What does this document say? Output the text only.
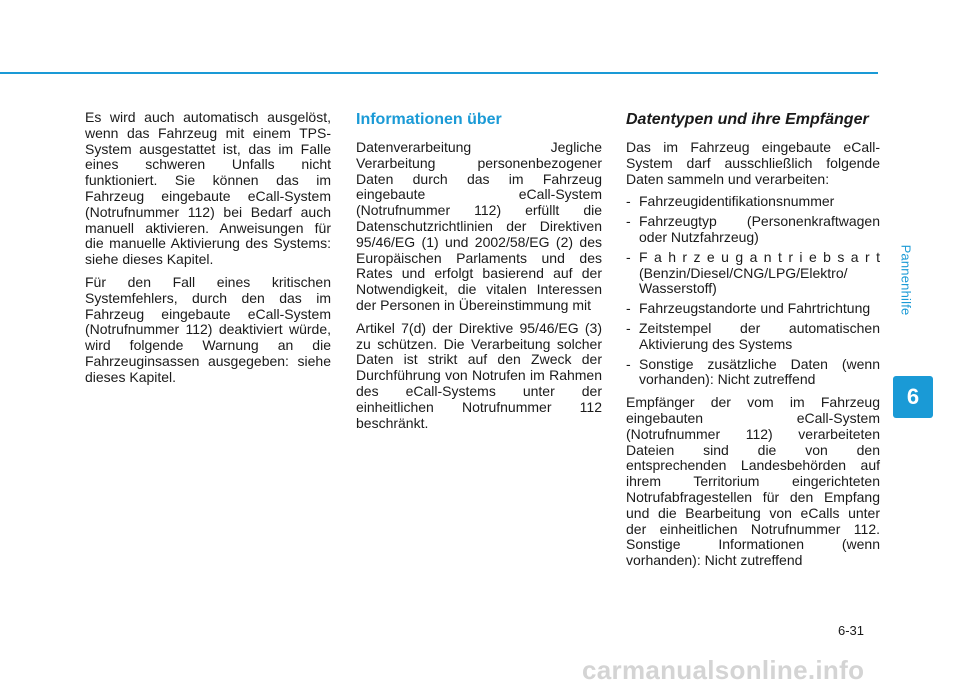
Pannenhilfe
6

Es wird auch automatisch ausgelöst, wenn das Fahrzeug mit einem TPS-System ausgestattet ist, das im Falle eines schweren Unfalls nicht funktioniert. Sie können das im Fahrzeug eingebaute eCall-System (Notrufnummer 112) bei Bedarf auch manuell aktivieren. Anweisungen für die manuelle Aktivierung des Systems: siehe dieses Kapitel.

Für den Fall eines kritischen Systemfehlers, durch den das im Fahrzeug eingebaute eCall-System (Notrufnummer 112) deaktiviert würde, wird folgende Warnung an die Fahrzeuginsassen ausgegeben: siehe dieses Kapitel.

Informationen über

Datenverarbeitung Jegliche Verarbeitung personenbezogener Daten durch das im Fahrzeug eingebaute eCall-System (Notrufnummer 112) erfüllt die Datenschutzrichtlinien der Direktiven 95/46/EG (1) und 2002/58/EG (2) des Europäischen Parlaments und des Rates und erfolgt basierend auf der Notwendigkeit, die vitalen Interessen der Personen in Übereinstimmung mit

Artikel 7(d) der Direktive 95/46/EG (3) zu schützen. Die Verarbeitung solcher Daten ist strikt auf den Zweck der Durchführung von Notrufen im Rahmen des eCall-Systems unter der einheitlichen Notrufnummer 112 beschränkt.

Datentypen und ihre Empfänger

Das im Fahrzeug eingebaute eCall-System darf ausschließlich folgende Daten sammeln und verarbeiten:

- Fahrzeugidentifikationsnummer
- Fahrzeugtyp (Personenkraftwagen oder Nutzfahrzeug)
- F a h r z e u g a n t r i e b s a r t (Benzin/Diesel/CNG/LPG/Elektro/ Wasserstoff)
- Fahrzeugstandorte und Fahrtrichtung
- Zeitstempel der automatischen Aktivierung des Systems
- Sonstige zusätzliche Daten (wenn vorhanden): Nicht zutreffend

Empfänger der vom im Fahrzeug eingebauten eCall-System (Notrufnummer 112) verarbeiteten Dateien sind die von den entsprechenden Landesbehörden auf ihrem Territorium eingerichteten Notrufabfragestellen für den Empfang und die Bearbeitung von eCalls unter der einheitlichen Notrufnummer 112. Sonstige Informationen (wenn vorhanden): Nicht zutreffend

6-31
carmanualsonline.info
